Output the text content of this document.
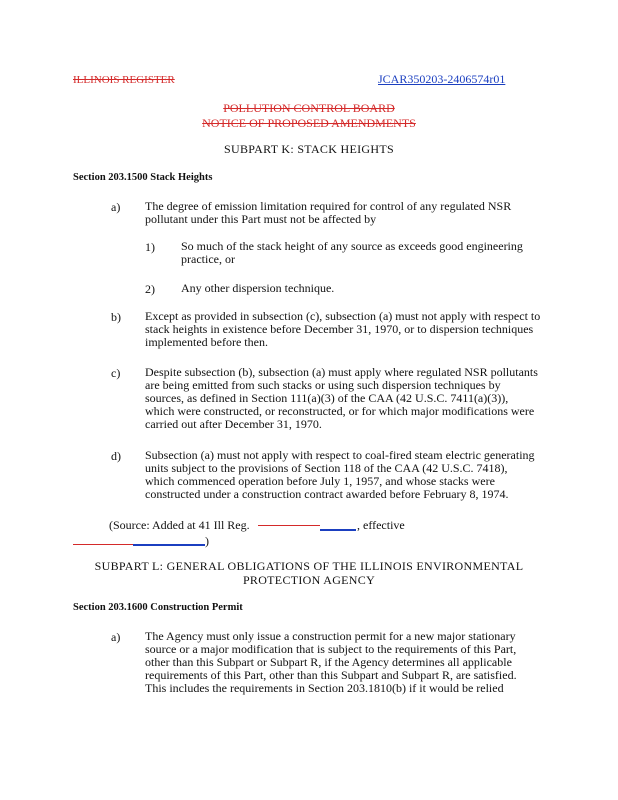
ILLINOIS REGISTER	JCAR350203-2406574r01
POLLUTION CONTROL BOARD
NOTICE OF PROPOSED AMENDMENTS
SUBPART K: STACK HEIGHTS
Section 203.1500 Stack Heights
a) The degree of emission limitation required for control of any regulated NSR

pollutant under this Part must not be affected by

1) So much of the stack height of any source as exceeds good engineering

practice, or

2) Any other dispersion technique.

b) Except as provided in subsection (c), subsection (a) must not apply with respect to

stack heights in existence before December 31, 1970, or to dispersion techniques

implemented before then.

c) Despite subsection (b), subsection (a) must apply where regulated NSR pollutants

are being emitted from such stacks or using such dispersion techniques by

sources, as defined in Section 111(a)(3) of the CAA (42 U.S.C. 7411(a)(3)),

which were constructed, or reconstructed, or for which major modifications were

carried out after December 31, 1970.

d) Subsection (a) must not apply with respect to coal-fired steam electric generating

units subject to the provisions of Section 118 of the CAA (42 U.S.C. 7418),

which commenced operation before July 1, 1957, and whose stacks were

constructed under a construction contract awarded before February 8, 1974.

(Source: Added at 41 Ill Reg.	, effective
)
SUBPART L: GENERAL OBLIGATIONS OF THE ILLINOIS ENVIRONMENTAL
PROTECTION AGENCY
Section 203.1600 Construction Permit
a) The Agency must only issue a construction permit for a new major stationary

source or a major modification that is subject to the requirements of this Part,

other than this Subpart or Subpart R, if the Agency determines all applicable

requirements of this Part, other than this Subpart and Subpart R, are satisfied.

This includes the requirements in Section 203.1810(b) if it would be relied
